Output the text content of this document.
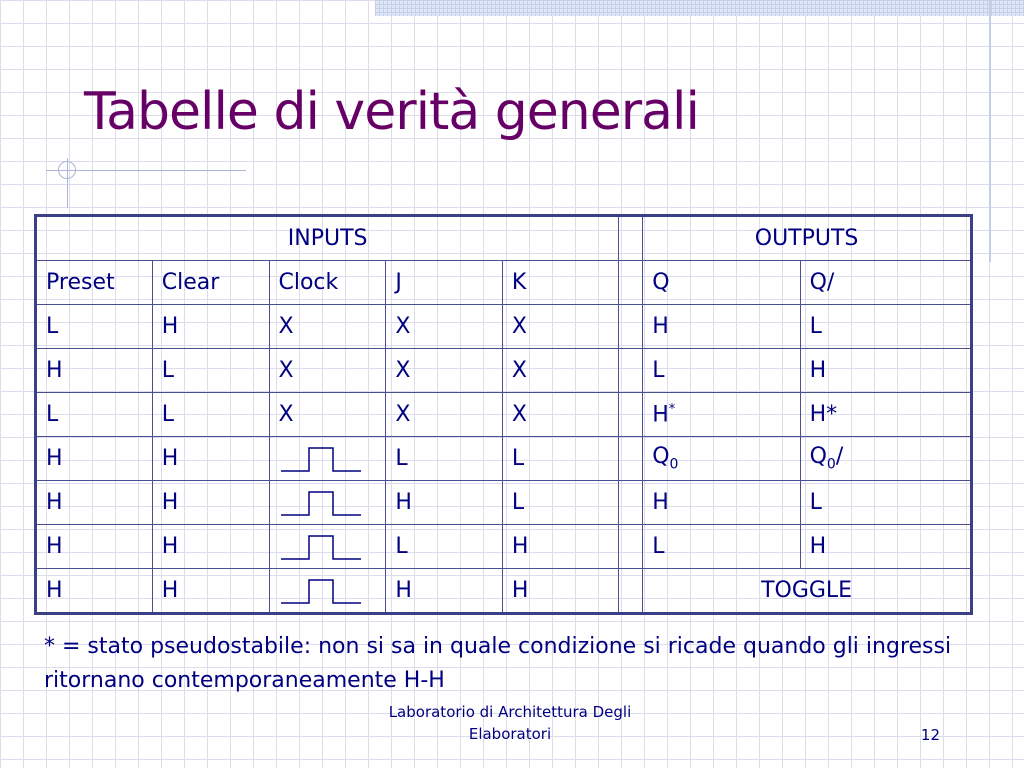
Tabelle di verità generali
INPUTS						OUTPUTS	
Preset	Clear	Clock	J	K		Q	Q/
L	H	X	X	X		H	L
H	L	X	X	X		L	H
L	L	X	X	X		H*	H*
H	H		L	L		$Q_0$	$Q_0/$
H	H		H	L		H	L
H	H		L	H		L	H
H	H		H	H		TOGGLE	
* = stato pseudostabile: non si sa in quale condizione si ricade quando gli ingressi ritornano contemporaneamente H-H
Laboratorio di Architettura Degli
Elaboratori	12
